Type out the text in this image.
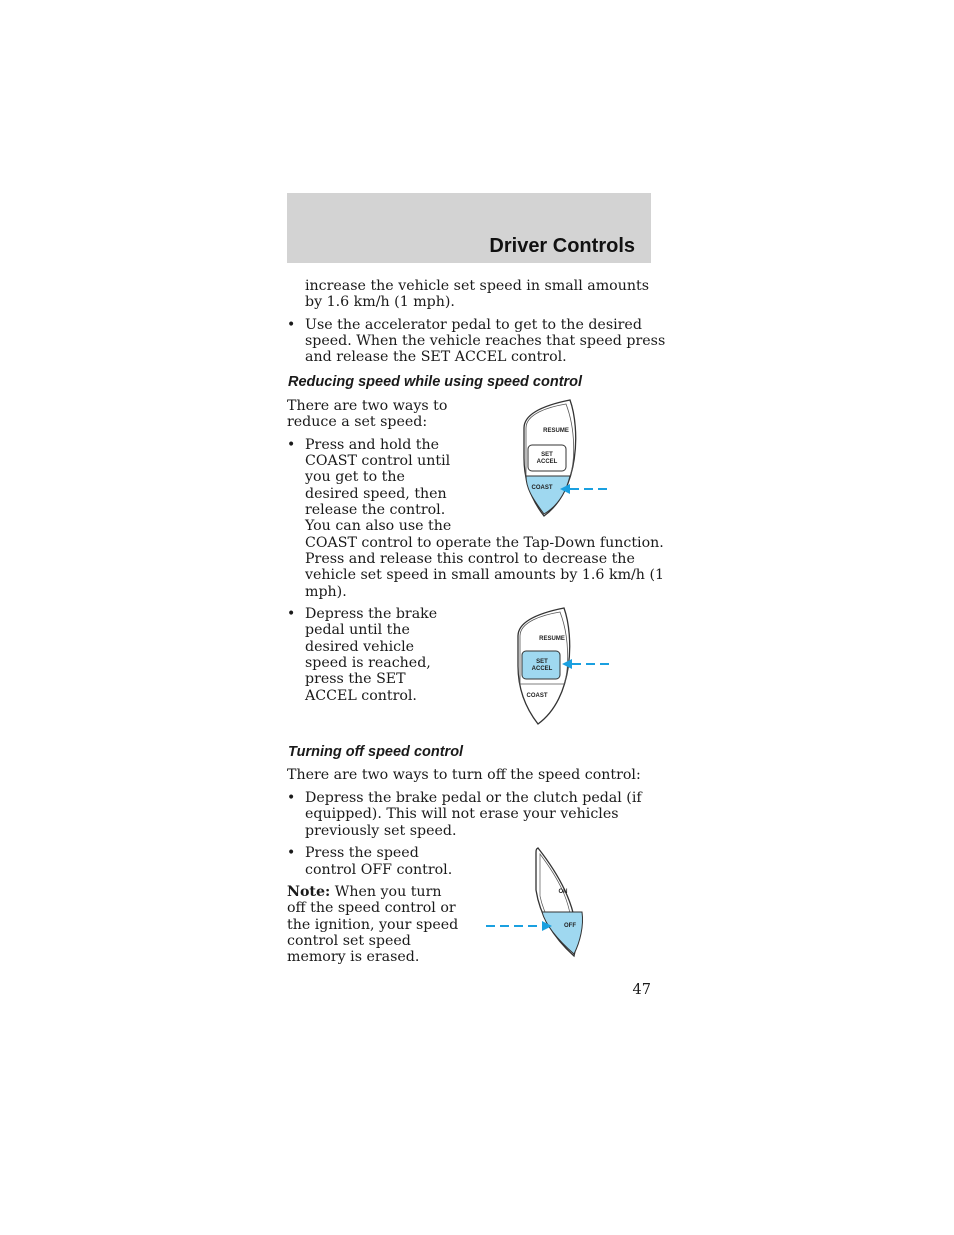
Driver Controls
increase the vehicle set speed in small amounts
by 1.6 km/h (1 mph).
• Use the accelerator pedal to get to the desired
speed. When the vehicle reaches that speed press
and release the SET ACCEL control.
Reducing speed while using speed control
There are two ways to
reduce a set speed:
• Press and hold the
COAST control until
you get to the
desired speed, then
release the control.
You can also use the
COAST control to operate the Tap-Down function.
Press and release this control to decrease the
vehicle set speed in small amounts by 1.6 km/h (1
mph).
• Depress the brake
pedal until the
desired vehicle
speed is reached,
press the SET
ACCEL control.
Turning off speed control
There are two ways to turn off the speed control:
• Depress the brake pedal or the clutch pedal (if
equipped). This will not erase your vehicles
previously set speed.
• Press the speed
control OFF control.
Note: When you turn
off the speed control or
the ignition, your speed
control set speed
memory is erased.
RESUME
SET
ACCEL
COAST
RESUME
SET
ACCEL
COAST
ON
OFF
47
